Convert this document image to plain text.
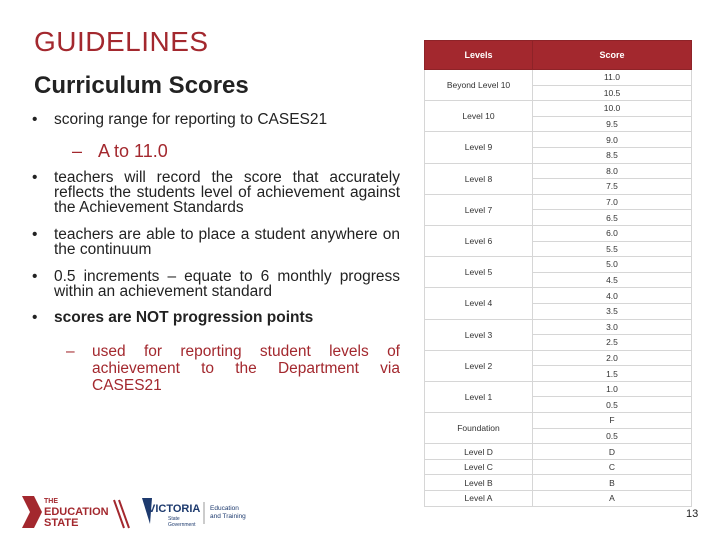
GUIDELINES
Curriculum Scores
•	scoring range for reporting to CASES21
– A to 11.0
•	teachers will record the score that accurately reflects the students level of achievement against the Achievement Standards
•	teachers are able to place a student anywhere on the continuum
•	0.5 increments – equate to 6 monthly progress within an achievement standard
•	scores are NOT progression points
–	used for reporting student levels of achievement to the Department via CASES21
Levels	Score
Beyond Level 10	11.0
	10.5
Level 10	10.0
	9.5
Level 9	9.0
	8.5
Level 8	8.0
	7.5
Level 7	7.0
	6.5
Level 6	6.0
	5.5
Level 5	5.0
	4.5
Level 4	4.0
	3.5
Level 3	3.0
	2.5
Level 2	2.0
	1.5
Level 1	1.0
	0.5
Foundation	F
	0.5
Level D	D
Level C	C
Level B	B
Level A	A
THE
EDUCATION
STATE
VICTORIA
State
Government
Education
and Training	13
